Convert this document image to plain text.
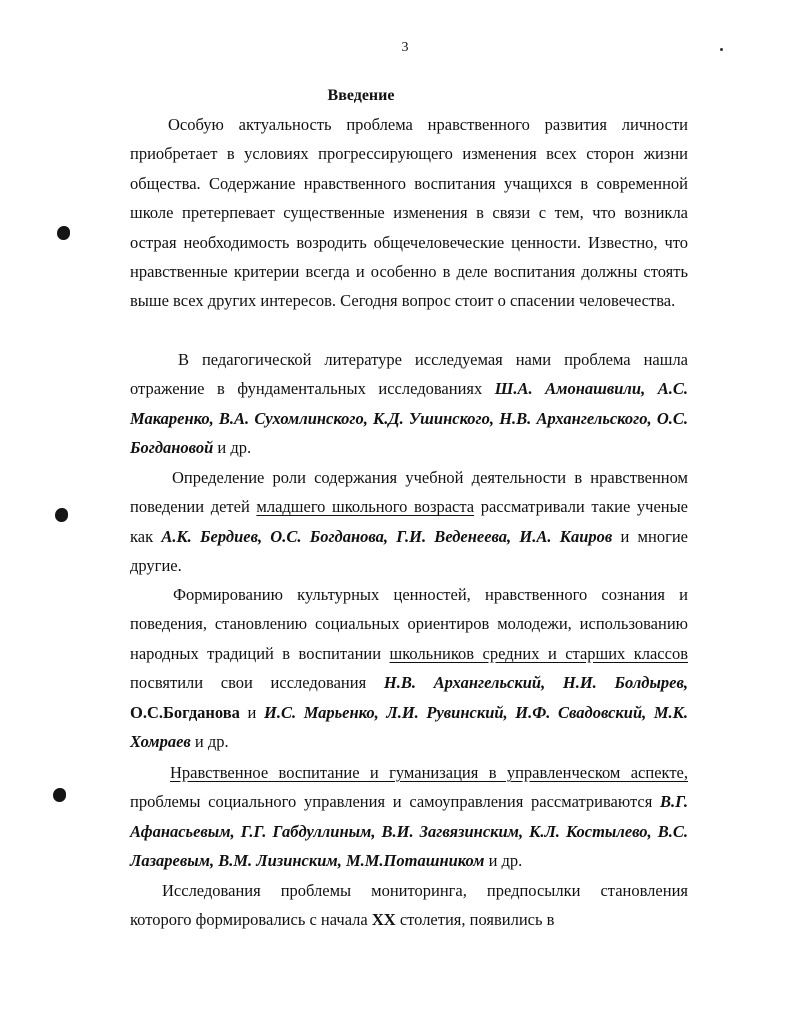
3
Введение

Особую актуальность проблема нравственного развития личности приобретает в условиях прогрессирующего изменения всех сторон жизни общества. Содержание нравственного воспитания учащихся в современной школе претерпевает существенные изменения в связи с тем, что возникла острая необходимость возродить общечеловеческие ценности. Известно, что нравственные критерии всегда и особенно в деле воспитания должны стоять выше всех других интересов. Сегодня вопрос стоит о спасении человечества.

В педагогической литературе исследуемая нами проблема нашла отражение в фундаментальных исследованиях Ш.А. Амонашвили, А.С. Макаренко, В.А. Сухомлинского, К.Д. Ушинского, Н.В. Архангельского, О.С. Богдановой и др.

Определение роли содержания учебной деятельности в нравственном поведении детей младшего школьного возраста рассматривали такие ученые как А.К. Бердиев, О.С. Богданова, Г.И. Веденеева, И.А. Каиров и многие другие.

Формированию культурных ценностей, нравственного сознания и поведения, становлению социальных ориентиров молодежи, использованию народных традиций в воспитании школьников средних и старших классов посвятили свои исследования Н.В. Архангельский, Н.И. Болдырев, О.С.Богданова и И.С. Марьенко, Л.И. Рувинский, И.Ф. Свадовский, М.К. Хомраев и др.

Нравственное воспитание и гуманизация в управленческом аспекте, проблемы социального управления и самоуправления рассматриваются В.Г. Афанасьевым, Г.Г. Габдуллиным, В.И. Загвязинским, К.Л. Костылево, В.С. Лазаревым, В.М. Лизинским, М.М.Поташником и др.

Исследования проблемы мониторинга, предпосылки становления которого формировались с начала XX столетия, появились в
